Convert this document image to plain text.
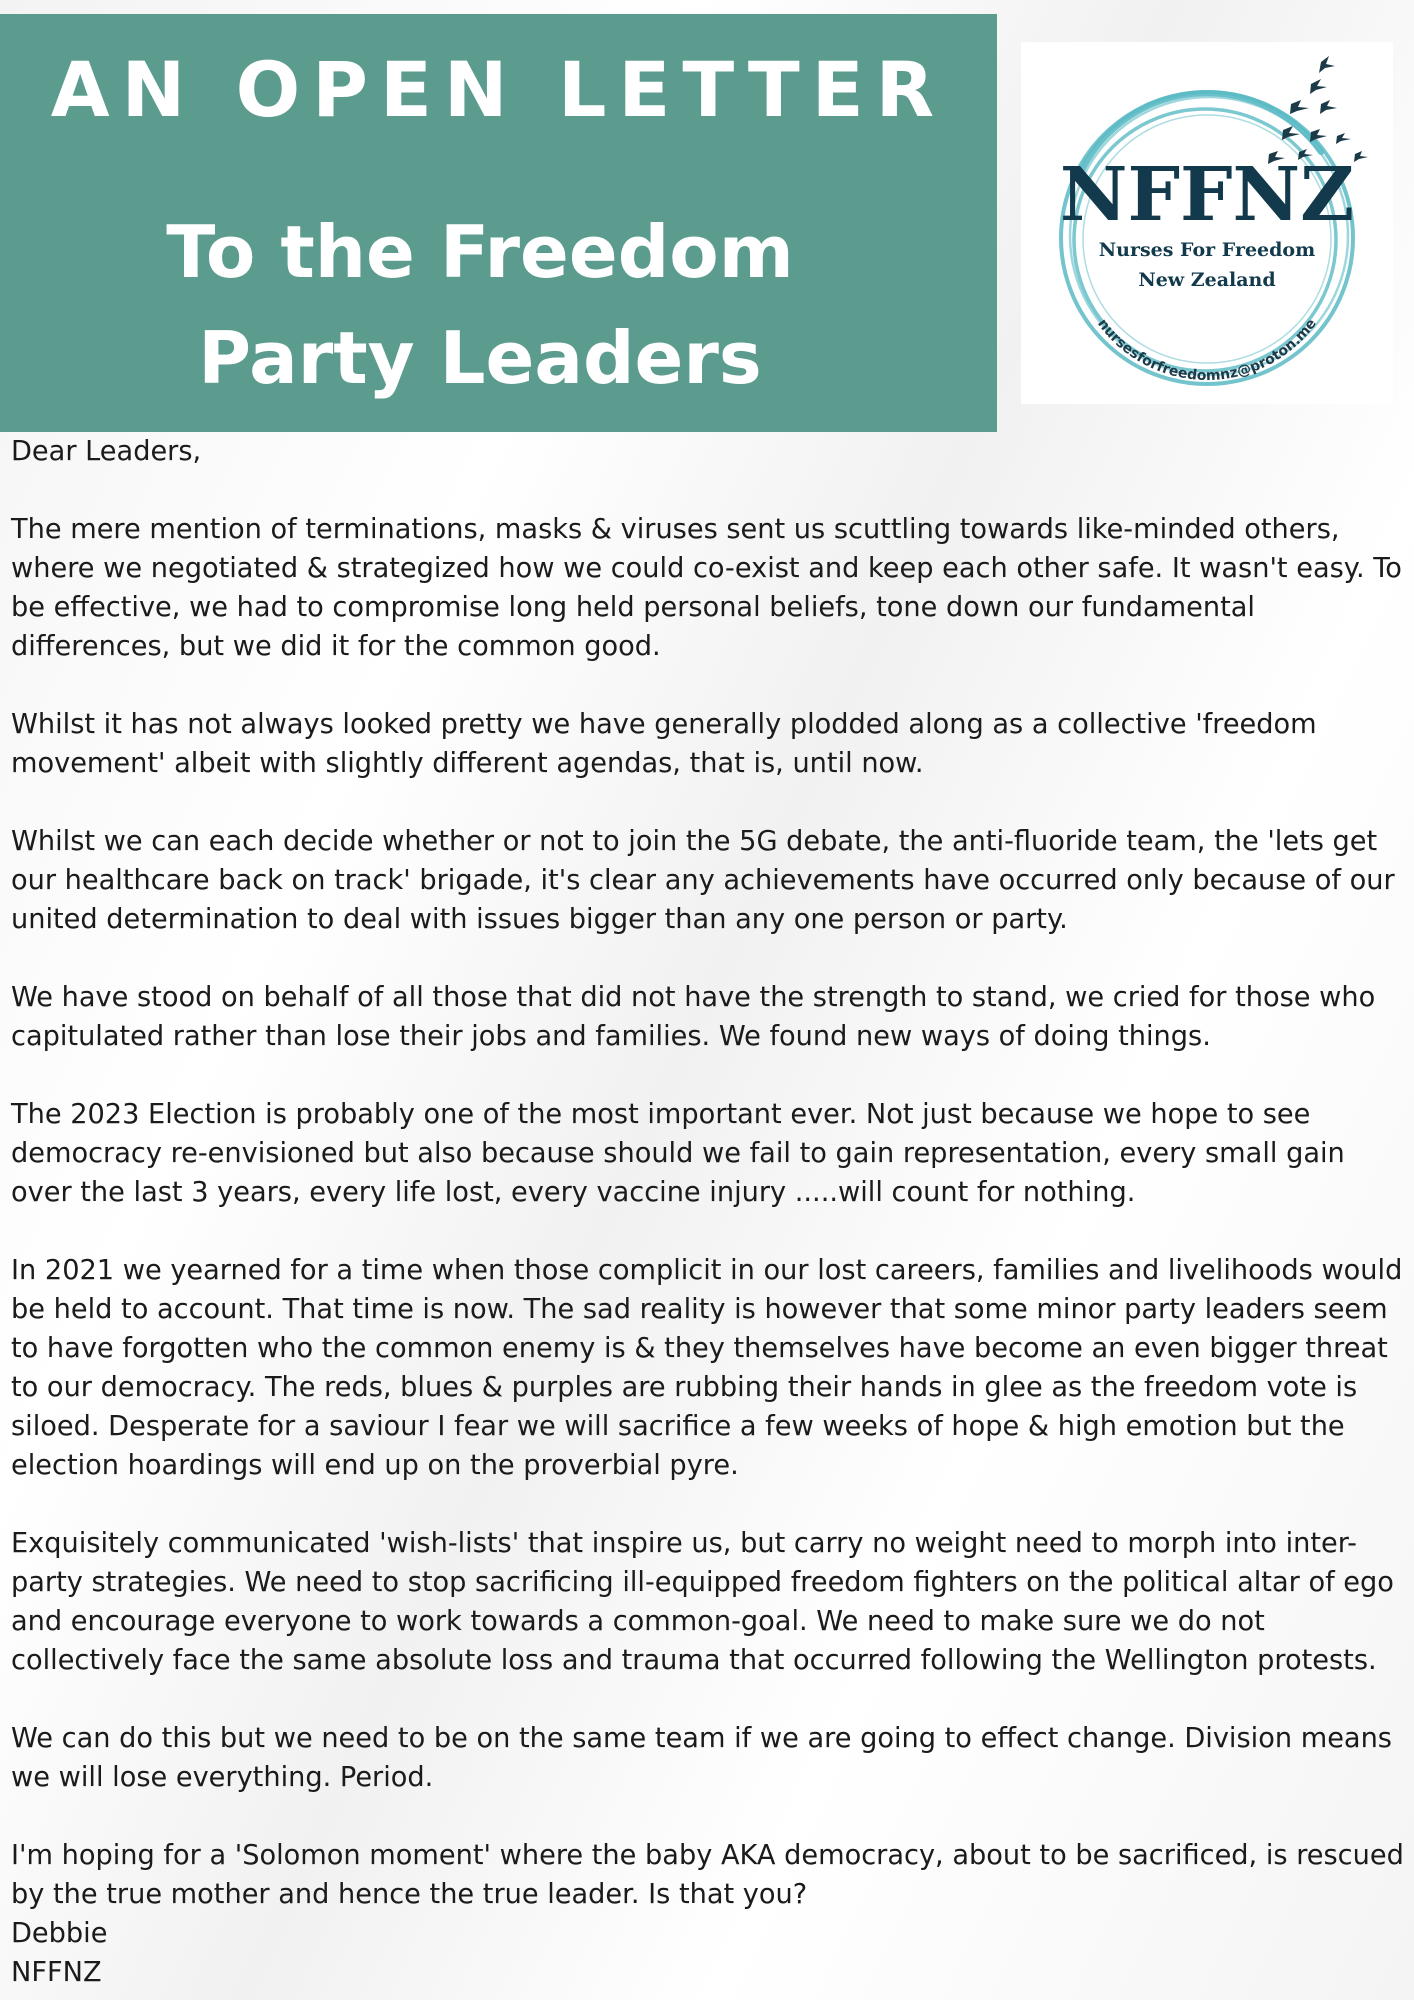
AN OPEN LETTER
To the Freedom
Party Leaders
NFFNZ
Nurses For Freedom
New Zealand
nursesforfreedomnz@proton.me

Dear Leaders,

The mere mention of terminations, masks & viruses sent us scuttling towards like-minded others, where we negotiated & strategized how we could co-exist and keep each other safe. It wasn't easy. To be effective, we had to compromise long held personal beliefs, tone down our fundamental differences, but we did it for the common good.

Whilst it has not always looked pretty we have generally plodded along as a collective 'freedom movement' albeit with slightly different agendas, that is, until now.

Whilst we can each decide whether or not to join the 5G debate, the anti-fluoride team, the 'lets get our healthcare back on track' brigade, it's clear any achievements have occurred only because of our united determination to deal with issues bigger than any one person or party.

We have stood on behalf of all those that did not have the strength to stand, we cried for those who capitulated rather than lose their jobs and families. We found new ways of doing things.

The 2023 Election is probably one of the most important ever. Not just because we hope to see democracy re-envisioned but also because should we fail to gain representation, every small gain over the last 3 years, every life lost, every vaccine injury .....will count for nothing.

In 2021 we yearned for a time when those complicit in our lost careers, families and livelihoods would be held to account. That time is now. The sad reality is however that some minor party leaders seem to have forgotten who the common enemy is & they themselves have become an even bigger threat to our democracy. The reds, blues & purples are rubbing their hands in glee as the freedom vote is siloed. Desperate for a saviour I fear we will sacrifice a few weeks of hope & high emotion but the election hoardings will end up on the proverbial pyre.

Exquisitely communicated 'wish-lists' that inspire us, but carry no weight need to morph into inter-party strategies. We need to stop sacrificing ill-equipped freedom fighters on the political altar of ego and encourage everyone to work towards a common-goal. We need to make sure we do not collectively face the same absolute loss and trauma that occurred following the Wellington protests.

We can do this but we need to be on the same team if we are going to effect change. Division means we will lose everything. Period.

I'm hoping for a 'Solomon moment' where the baby AKA democracy, about to be sacrificed, is rescued by the true mother and hence the true leader. Is that you?

Debbie

NFFNZ
